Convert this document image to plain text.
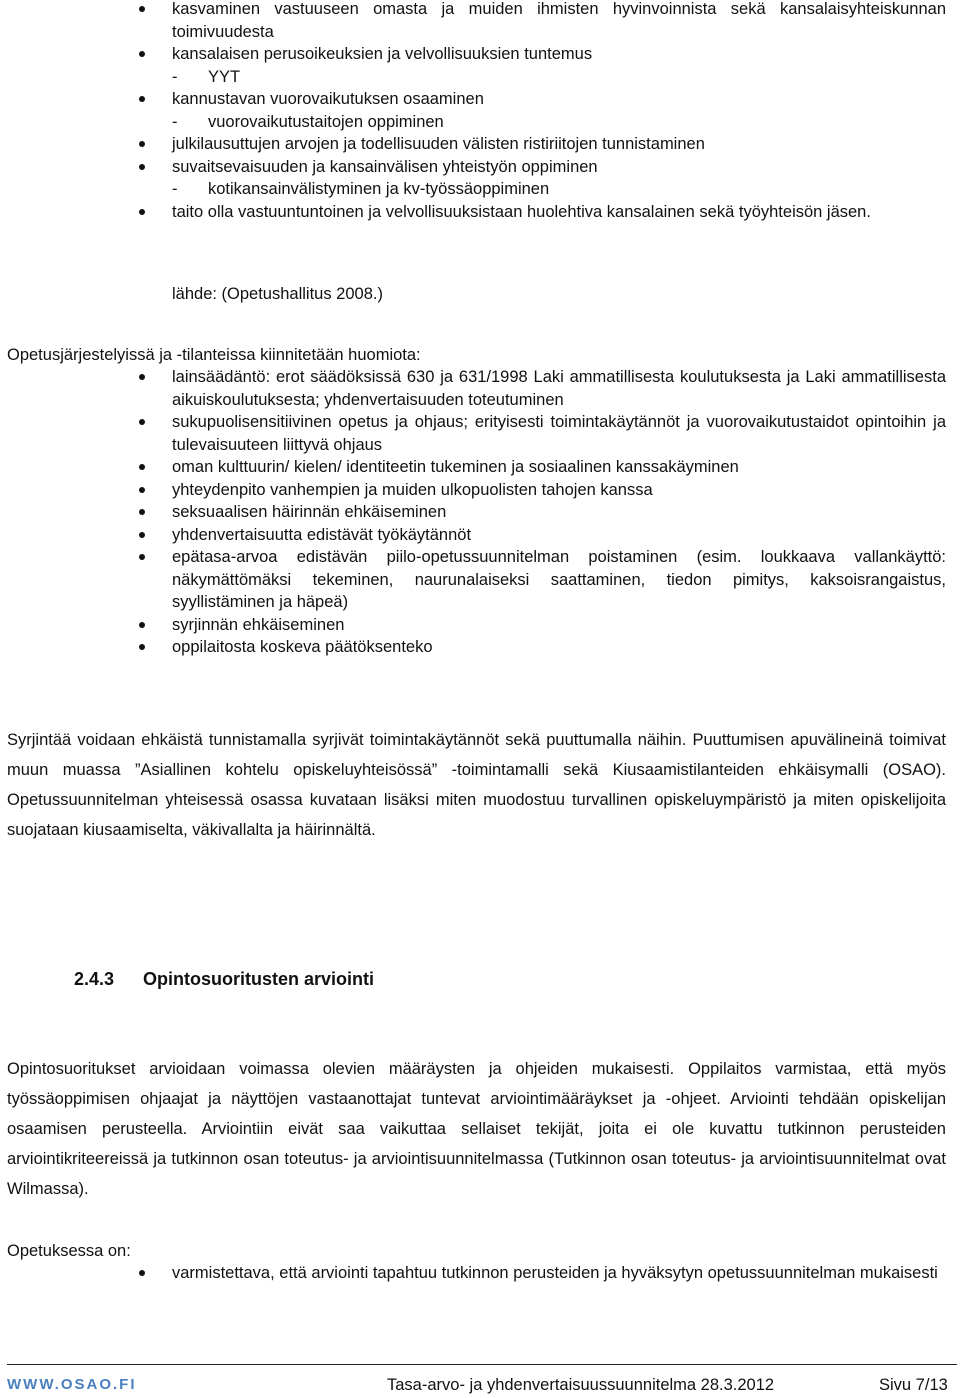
kasvaminen vastuuseen omasta ja muiden ihmisten hyvinvoinnista sekä kansalaisyhteiskunnan toimivuudesta
kansalaisen perusoikeuksien ja velvollisuuksien tuntemus
- YYT
kannustavan vuorovaikutuksen osaaminen
- vuorovaikutustaitojen oppiminen
julkilausuttujen arvojen ja todellisuuden välisten ristiriitojen tunnistaminen
suvaitsevaisuuden ja kansainvälisen yhteistyön oppiminen
- kotikansainvälistyminen ja kv-työssäoppiminen
taito olla vastuuntuntoinen ja velvollisuuksistaan huolehtiva kansalainen sekä työyhteisön jäsen.
lähde: (Opetushallitus 2008.)
Opetusjärjestelyissä ja -tilanteissa kiinnitetään huomiota:
lainsäädäntö: erot säädöksissä 630 ja 631/1998 Laki ammatillisesta koulutuksesta ja Laki ammatillisesta aikuiskoulutuksesta; yhdenvertaisuuden toteutuminen
sukupuolisensitiivinen opetus ja ohjaus; erityisesti toimintakäytännöt ja vuorovaikutustaidot opintoihin ja tulevaisuuteen liittyvä ohjaus
oman kulttuurin/ kielen/ identiteetin tukeminen ja sosiaalinen kanssakäyminen
yhteydenpito vanhempien ja muiden ulkopuolisten tahojen kanssa
seksuaalisen häirinnän ehkäiseminen
yhdenvertaisuutta edistävät työkäytännöt
epätasa-arvoa edistävän piilo-opetussuunnitelman poistaminen (esim. loukkaava vallankäyttö: näkymättömäksi tekeminen, naurunalaiseksi saattaminen, tiedon pimitys, kaksoisrangaistus, syyllistäminen ja häpeä)
syrjinnän ehkäiseminen
oppilaitosta koskeva päätöksenteko

Syrjintää voidaan ehkäistä tunnistamalla syrjivät toimintakäytännöt sekä puuttumalla näihin. Puuttumisen apuvälineinä toimivat muun muassa ”Asiallinen kohtelu opiskeluyhteisössä” -toimintamalli sekä Kiusaamistilanteiden ehkäisymalli (OSAO). Opetussuunnitelman yhteisessä osassa kuvataan lisäksi miten muodostuu turvallinen opiskeluympäristö ja miten opiskelijoita suojataan kiusaamiselta, väkivallalta ja häirinnältä.

2.4.3 Opintosuoritusten arviointi

Opintosuoritukset arvioidaan voimassa olevien määräysten ja ohjeiden mukaisesti. Oppilaitos varmistaa, että myös työssäoppimisen ohjaajat ja näyttöjen vastaanottajat tuntevat arviointimääräykset ja -ohjeet. Arviointi tehdään opiskelijan osaamisen perusteella. Arviointiin eivät saa vaikuttaa sellaiset tekijät, joita ei ole kuvattu tutkinnon perusteiden arviointikriteereissä ja tutkinnon osan toteutus- ja arviointisuunnitelmassa (Tutkinnon osan toteutus- ja arviointisuunnitelmat ovat Wilmassa).

Opetuksessa on:
varmistettava, että arviointi tapahtuu tutkinnon perusteiden ja hyväksytyn opetussuunnitelman mukaisesti
WWW.OSAO.FI	Tasa-arvo- ja yhdenvertaisuussuunnitelma 28.3.2012	Sivu 7/13
